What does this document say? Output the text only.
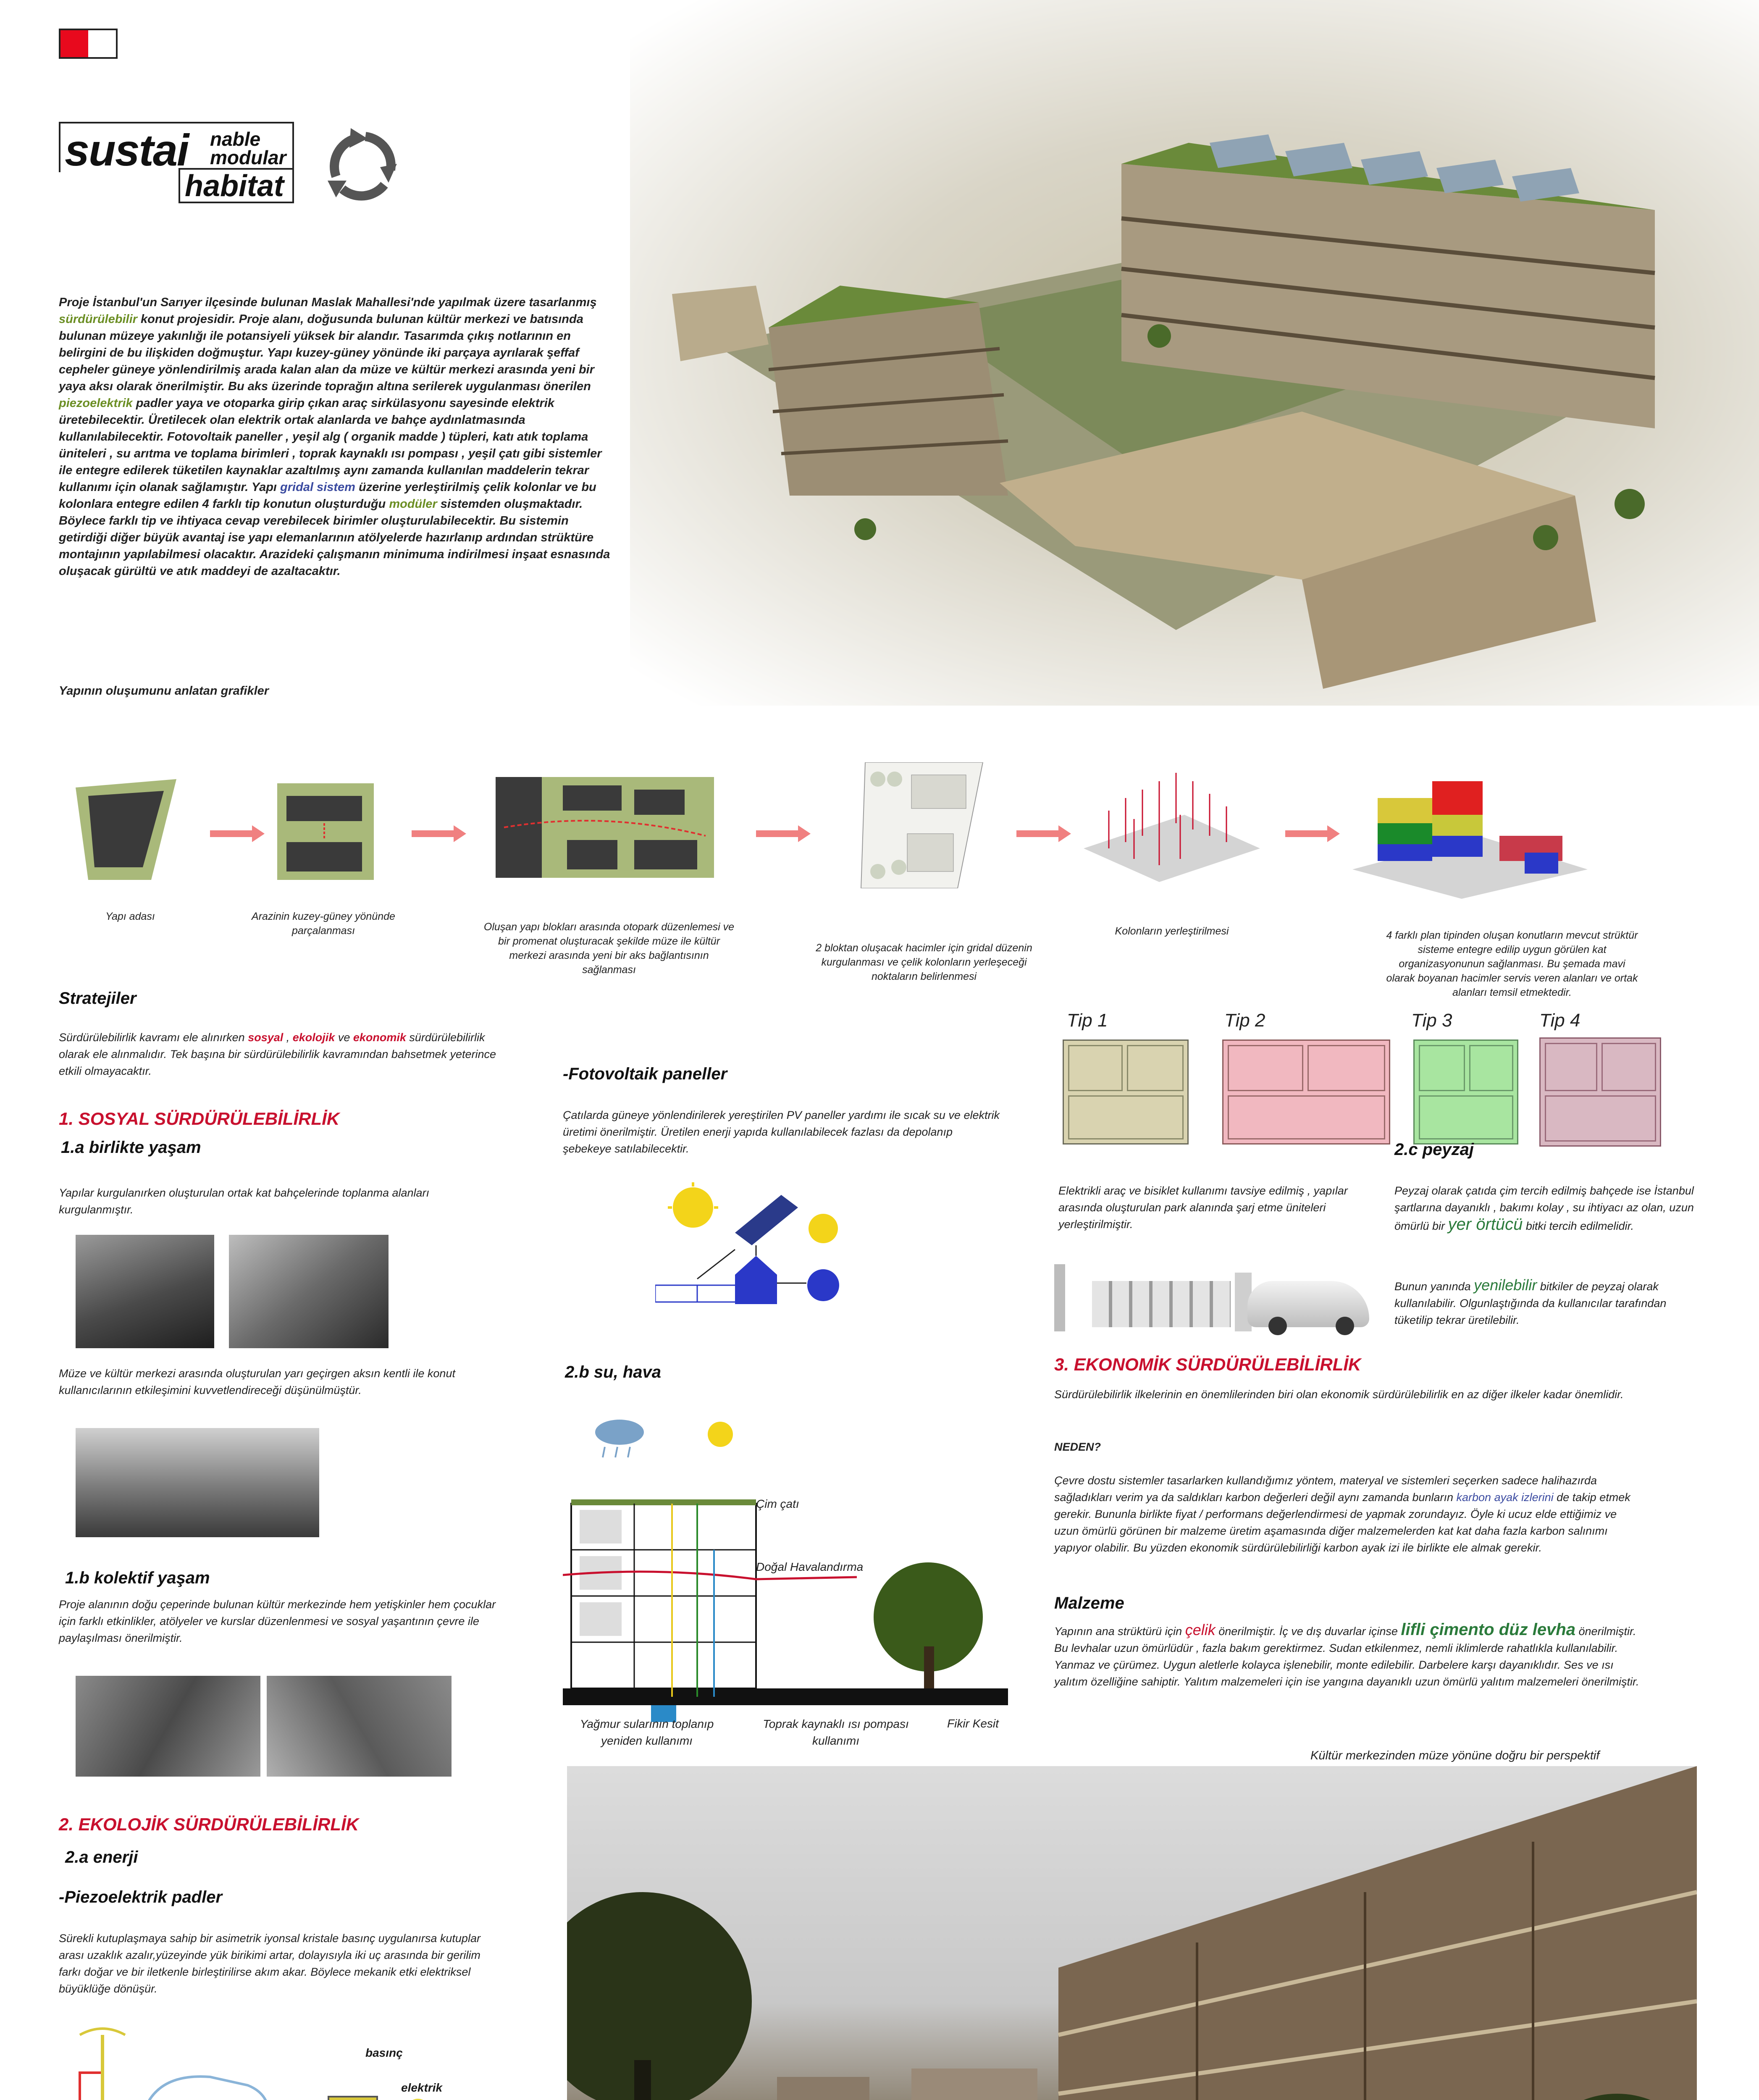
sustai nable
modular
habitat
Proje İstanbul'un Sarıyer ilçesinde bulunan Maslak Mahallesi'nde yapılmak üzere tasarlanmış sürdürülebilir konut projesidir. Proje alanı, doğusunda bulunan kültür merkezi ve batısında bulunan müzeye yakınlığı ile potansiyeli yüksek bir alandır. Tasarımda çıkış notlarının en belirgini de bu ilişkiden doğmuştur. Yapı kuzey-güney yönünde iki parçaya ayrılarak şeffaf cepheler güneye yönlendirilmiş arada kalan alan da müze ve kültür merkezi arasında yeni bir yaya aksı olarak önerilmiştir. Bu aks üzerinde toprağın altına serilerek uygulanması önerilen piezoelektrik padler yaya ve otoparka girip çıkan araç sirkülasyonu sayesinde elektrik üretebilecektir. Üretilecek olan elektrik ortak alanlarda ve bahçe aydınlatmasında kullanılabilecektir. Fotovoltaik paneller , yeşil alg ( organik madde ) tüpleri, katı atık toplama üniteleri , su arıtma ve toplama birimleri , toprak kaynaklı ısı pompası , yeşil çatı gibi sistemler ile entegre edilerek tüketilen kaynaklar azaltılmış aynı zamanda kullanılan maddelerin tekrar kullanımı için olanak sağlamıştır. Yapı gridal sistem üzerine yerleştirilmiş çelik kolonlar ve bu kolonlara entegre edilen 4 farklı tip konutun oluşturduğu modüler sistemden oluşmaktadır. Böylece farklı tip ve ihtiyaca cevap verebilecek birimler oluşturulabilecektir. Bu sistemin getirdiği diğer büyük avantaj ise yapı elemanlarının atölyelerde hazırlanıp ardından strüktüre montajının yapılabilmesi olacaktır. Arazideki çalışmanın minimuma indirilmesi inşaat esnasında oluşacak gürültü ve atık maddeyi de azaltacaktır.
Yapının oluşumunu anlatan grafikler
Yapı adası	Arazinin kuzey-güney yönünde parçalanması	Oluşan yapı blokları arasında otopark düzenlemesi ve bir promenat oluşturacak şekilde müze ile kültür merkezi arasında yeni bir aks bağlantısının sağlanması
2 bloktan oluşacak hacimler için gridal düzenin kurgulanması ve çelik kolonların yerleşeceği noktaların belirlenmesi
Kolonların yerleştirilmesi	4 farklı plan tipinden oluşan konutların mevcut strüktür sisteme entegre edilip uygun görülen kat organizasyonunun sağlanması. Bu şemada mavi olarak boyanan hacimler servis veren alanları ve ortak alanları temsil etmektedir.
Stratejiler
Sürdürülebilirlik kavramı ele alınırken sosyal , ekolojik ve ekonomik sürdürülebilirlik olarak ele alınmalıdır. Tek başına bir sürdürülebilirlik kavramından bahsetmek yeterince etkili olmayacaktır.
1. SOSYAL SÜRDÜRÜLEBİLİRLİK
1.a birlikte yaşam
Yapılar kurgulanırken oluşturulan ortak kat bahçelerinde toplanma alanları kurgulanmıştır.
Müze ve kültür merkezi arasında oluşturulan yarı geçirgen aksın kentli ile konut kullanıcılarının etkileşimini kuvvetlendireceği düşünülmüştür.
1.b kolektif yaşam
Proje alanının doğu çeperinde bulunan kültür merkezinde hem yetişkinler hem çocuklar için farklı etkinlikler, atölyeler ve kurslar düzenlenmesi ve sosyal yaşantının çevre ile paylaşılması önerilmiştir.
2. EKOLOJİK SÜRDÜRÜLEBİLİRLİK
2.a enerji
-Piezoelektrik padler
Sürekli kutuplaşmaya sahip bir asimetrik iyonsal kristale basınç uygulanırsa kutuplar arası uzaklık azalır,yüzeyinde yük birikimi artar, dolayısıyla iki uç arasında bir gerilim farkı doğar ve bir iletkenle birleştirilirse akım akar. Böylece mekanik etki elektriksel büyüklüğe dönüşür.
basınç
elektrik
-Fotovoltaik paneller
Çatılarda güneye yönlendirilerek yereştirilen PV paneller yardımı ile sıcak su ve elektrik üretimi önerilmiştir. Üretilen enerji yapıda kullanılabilecek fazlası da depolanıp şebekeye satılabilecektir.
2.b su, hava
Çim çatı
Doğal Havalandırma
Yağmur sularının toplanıp yeniden kullanımı
Toprak kaynaklı ısı pompası kullanımı
Fikir Kesit
Tip 1	Tip 2	Tip 3	Tip 4
2.c peyzaj
Elektrikli araç ve bisiklet kullanımı tavsiye edilmiş , yapılar arasında oluşturulan park alanında şarj etme üniteleri yerleştirilmiştir.
Peyzaj olarak çatıda çim tercih edilmiş bahçede ise İstanbul şartlarına dayanıklı , bakımı kolay , su ihtiyacı az olan, uzun ömürlü bir yer örtücü bitki tercih edilmelidir.
Bunun yanında yenilebilir bitkiler de peyzaj olarak kullanılabilir. Olgunlaştığında da kullanıcılar tarafından tüketilip tekrar üretilebilir.
3. EKONOMİK SÜRDÜRÜLEBİLİRLİK
Sürdürülebilirlik ilkelerinin en önemlilerinden biri olan ekonomik sürdürülebilirlik en az diğer ilkeler kadar önemlidir.
NEDEN?
Çevre dostu sistemler tasarlarken kullandığımız yöntem, materyal ve sistemleri seçerken sadece halihazırda sağladıkları verim ya da saldıkları karbon değerleri değil aynı zamanda bunların karbon ayak izlerini de takip etmek gerekir. Bununla birlikte fiyat / performans değerlendirmesi de yapmak zorundayız. Öyle ki ucuz elde ettiğimiz ve uzun ömürlü görünen bir malzeme üretim aşamasında diğer malzemelerden kat kat daha fazla karbon salınımı yapıyor olabilir. Bu yüzden ekonomik sürdürülebilirliği karbon ayak izi ile birlikte ele almak gerekir.
Malzeme
Yapının ana strüktürü için çelik önerilmiştir. İç ve dış duvarlar içinse lifli çimento düz levha önerilmiştir. Bu levhalar uzun ömürlüdür , fazla bakım gerektirmez. Sudan etkilenmez, nemli iklimlerde rahatlıkla kullanılabilir. Yanmaz ve çürümez. Uygun aletlerle kolayca işlenebilir, monte edilebilir. Darbelere karşı dayanıklıdır. Ses ve ısı yalıtım özelliğine sahiptir. Yalıtım malzemeleri için ise yangına dayanıklı uzun ömürlü yalıtım malzemeleri önerilmiştir.
Kültür merkezinden müze yönüne doğru bir perspektif
